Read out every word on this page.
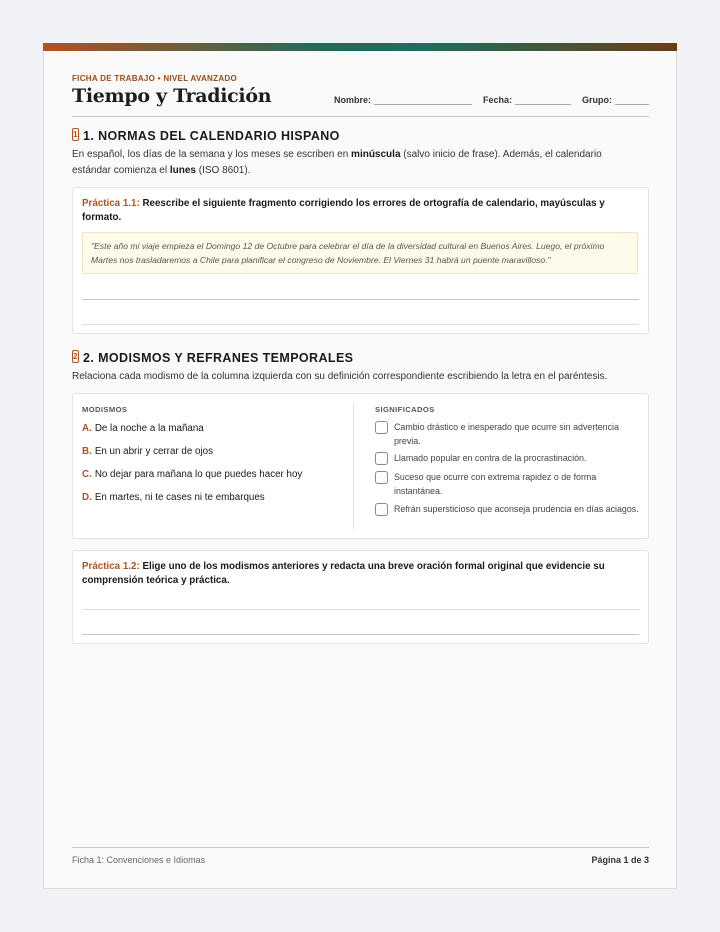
FICHA DE TRABAJO • NIVEL AVANZADO
Tiempo y Tradición	Nombre:	Fecha:	Grupo:
1 1. NORMAS DEL CALENDARIO HISPANO
En español, los días de la semana y los meses se escriben en minúscula (salvo inicio de frase). Además, el calendario estándar comienza el lunes (ISO 8601).
Práctica 1.1: Reescribe el siguiente fragmento corrigiendo los errores de ortografía de calendario, mayúsculas y formato.
"Este año mi viaje empieza el Domingo 12 de Octubre para celebrar el día de la diversidad cultural en Buenos Aires. Luego, el próximo Martes nos trasladaremos a Chile para planificar el congreso de Noviembre. El Viernes 31 habrá un puente maravilloso."
2 2. MODISMOS Y REFRANES TEMPORALES
Relaciona cada modismo de la columna izquierda con su definición correspondiente escribiendo la letra en el paréntesis.
MODISMOS	SIGNIFICADOS
A. De la noche a la mañana
B. En un abrir y cerrar de ojos
C. No dejar para mañana lo que puedes hacer hoy
D. En martes, ni te cases ni te embarques
Cambio drástico e inesperado que ocurre sin advertencia previa.
Llamado popular en contra de la procrastinación.
Suceso que ocurre con extrema rapidez o de forma instantánea.
Refrán supersticioso que aconseja prudencia en días aciagos.
Práctica 1.2: Elige uno de los modismos anteriores y redacta una breve oración formal original que evidencie su comprensión teórica y práctica.
Ficha 1: Convenciones e Idiomas	Página 1 de 3
